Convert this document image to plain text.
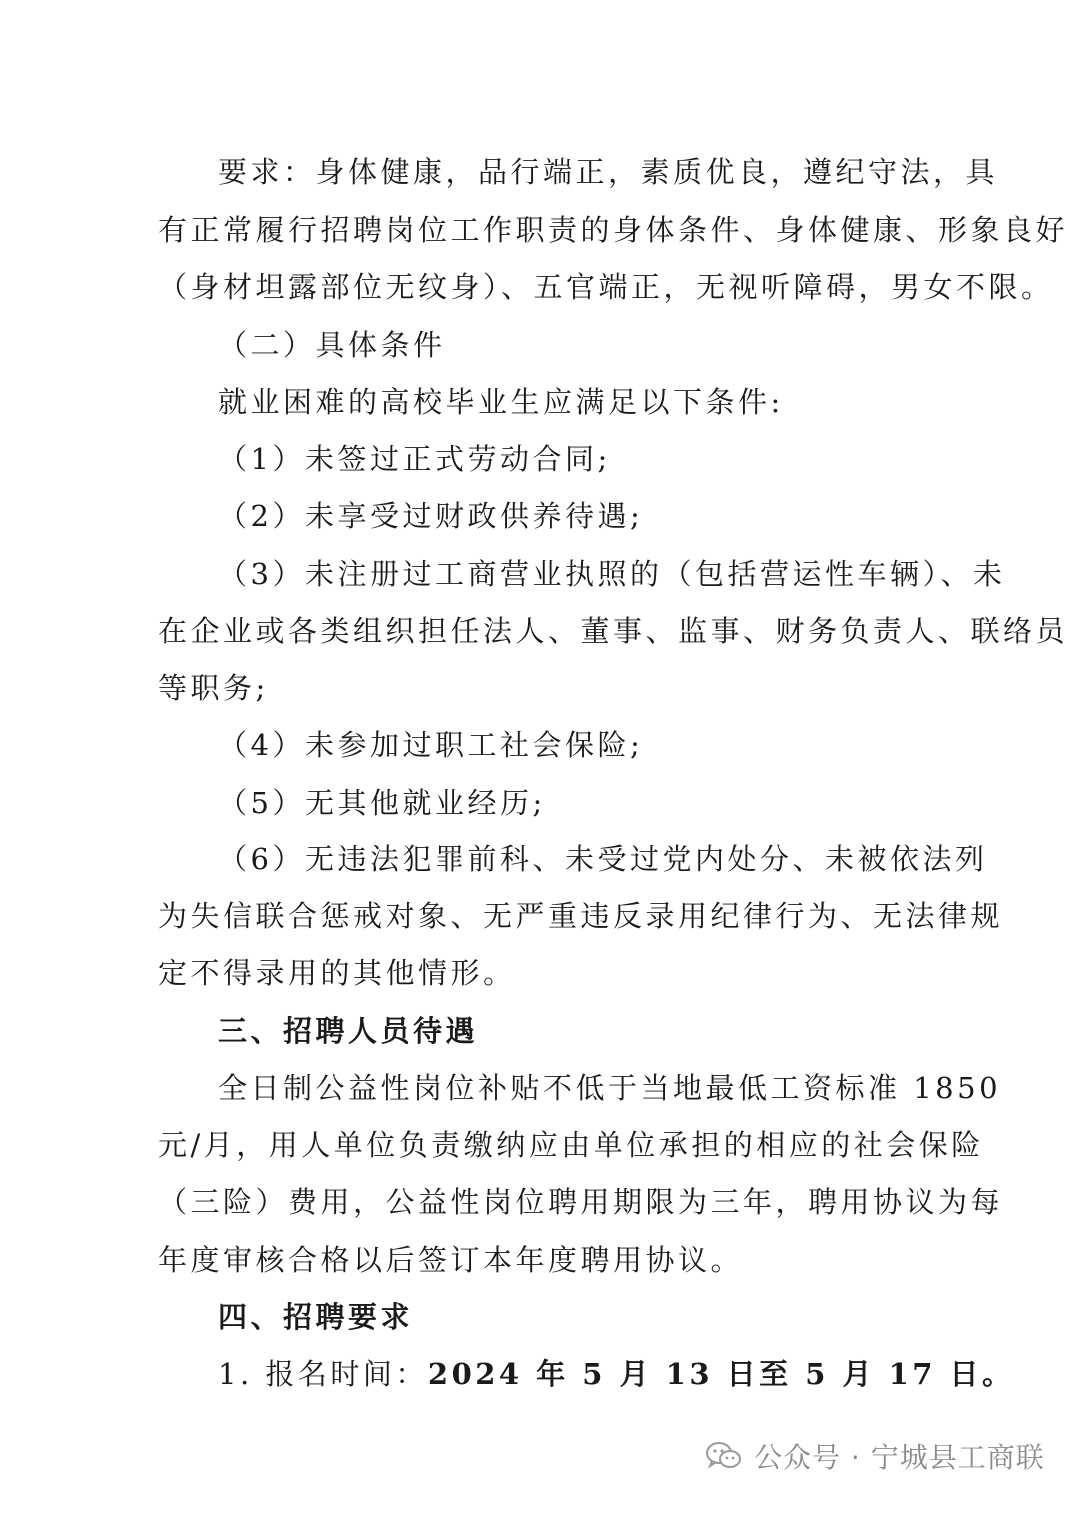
要求：身体健康，品行端正，素质优良，遵纪守法，具
有正常履行招聘岗位工作职责的身体条件、身体健康、形象良好
（身材坦露部位无纹身）、五官端正，无视听障碍，男女不限。
（二）具体条件
就业困难的高校毕业生应满足以下条件:
（1）未签过正式劳动合同;
（2）未享受过财政供养待遇;
（3）未注册过工商营业执照的（包括营运性车辆）、未
在企业或各类组织担任法人、董事、监事、财务负责人、联络员
等职务;
（4）未参加过职工社会保险;
（5）无其他就业经历;
（6）无违法犯罪前科、未受过党内处分、未被依法列
为失信联合惩戒对象、无严重违反录用纪律行为、无法律规
定不得录用的其他情形。
三、招聘人员待遇
全日制公益性岗位补贴不低于当地最低工资标准 1850
元/月，用人单位负责缴纳应由单位承担的相应的社会保险
（三险）费用，公益性岗位聘用期限为三年，聘用协议为每
年度审核合格以后签订本年度聘用协议。
四、招聘要求
1. 报名时间：2024 年 5 月 13 日至 5 月 17 日。
公众号 · 宁城县工商联
